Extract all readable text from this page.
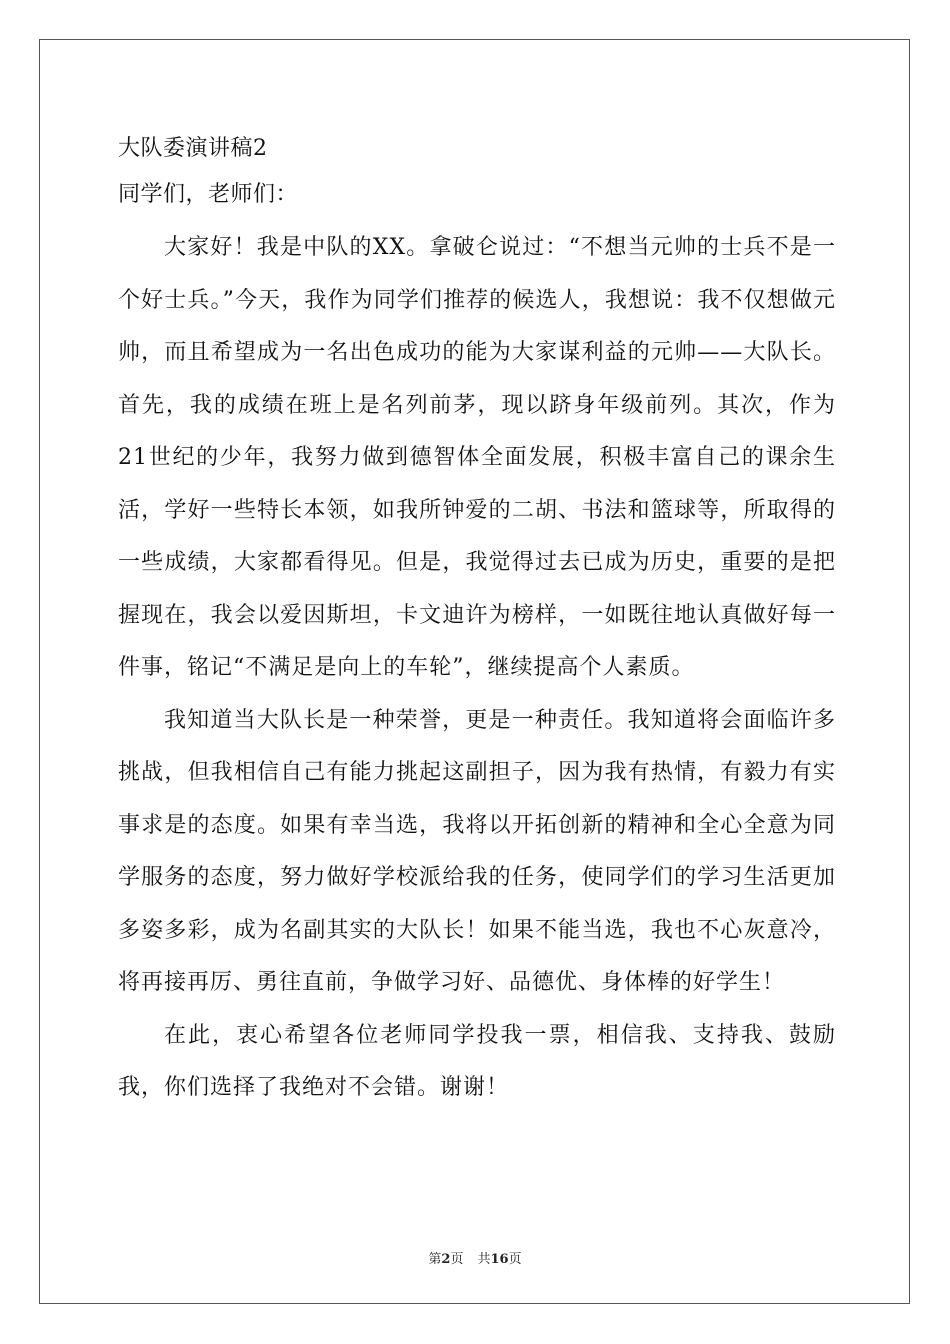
大队委演讲稿2

同学们，老师们：

大家好！我是中队的XX。拿破仑说过：“不想当元帅的士兵不是一个好士兵。”今天，我作为同学们推荐的候选人，我想说：我不仅想做元帅，而且希望成为一名出色成功的能为大家谋利益的元帅——大队长。首先，我的成绩在班上是名列前茅，现以跻身年级前列。其次，作为21世纪的少年，我努力做到德智体全面发展，积极丰富自己的课余生活，学好一些特长本领，如我所钟爱的二胡、书法和篮球等，所取得的一些成绩，大家都看得见。但是，我觉得过去已成为历史，重要的是把握现在，我会以爱因斯坦，卡文迪许为榜样，一如既往地认真做好每一件事，铭记“不满足是向上的车轮”，继续提高个人素质。

我知道当大队长是一种荣誉，更是一种责任。我知道将会面临许多挑战，但我相信自己有能力挑起这副担子，因为我有热情，有毅力有实事求是的态度。如果有幸当选，我将以开拓创新的精神和全心全意为同学服务的态度，努力做好学校派给我的任务，使同学们的学习生活更加多姿多彩，成为名副其实的大队长！如果不能当选，我也不心灰意冷，将再接再厉、勇往直前，争做学习好、品德优、身体棒的好学生！

在此，衷心希望各位老师同学投我一票，相信我、支持我、鼓励我，你们选择了我绝对不会错。谢谢！

第2页 共16页
